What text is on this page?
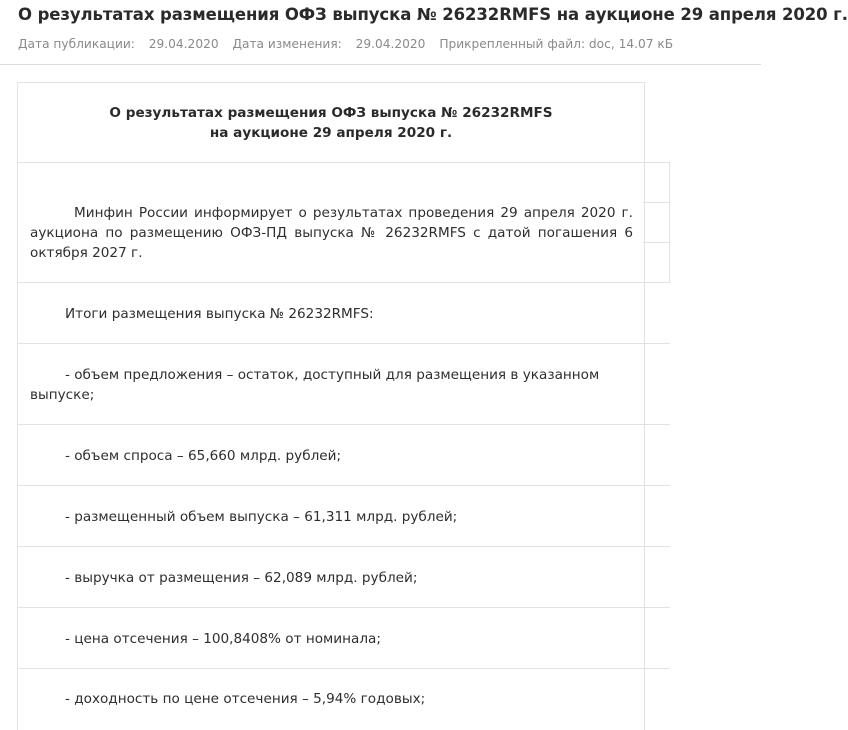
О результатах размещения ОФЗ выпуска № 26232RMFS на аукционе 29 апреля 2020 г.
Дата публикации: 29.04.2020 Дата изменения: 29.04.2020 Прикрепленный файл: doc, 14.07 кБ
О результатах размещения ОФЗ выпуска № 26232RMFS
на аукционе 29 апреля 2020 г.
Минфин России информирует о результатах проведения 29 апреля 2020 г. аукциона по размещению ОФЗ-ПД выпуска № 26232RMFS с датой погашения 6 октября 2027 г.
Итоги размещения выпуска № 26232RMFS:
- объем предложения – остаток, доступный для размещения в указанном выпуске;
- объем спроса – 65,660 млрд. рублей;
- размещенный объем выпуска – 61,311 млрд. рублей;
- выручка от размещения – 62,089 млрд. рублей;
- цена отсечения – 100,8408% от номинала;
- доходность по цене отсечения – 5,94% годовых;
